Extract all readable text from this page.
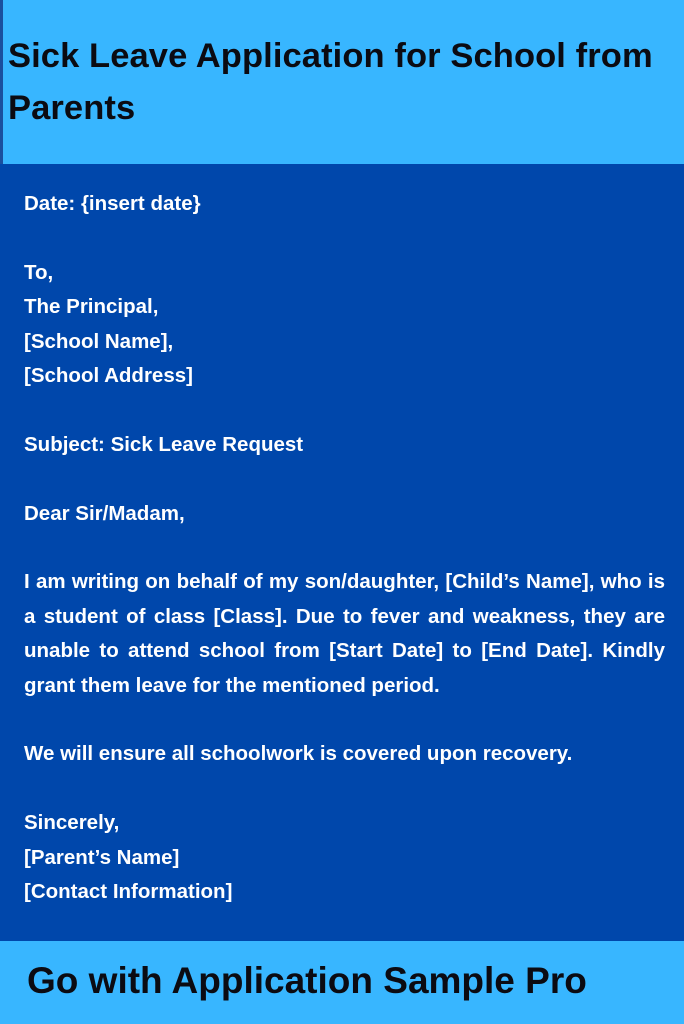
Sick Leave Application for School from Parents

Date: {insert date}

To,

The Principal,

[School Name],

[School Address]

Subject: Sick Leave Request

Dear Sir/Madam,

I am writing on behalf of my son/daughter, [Child’s Name], who is a student of class [Class]. Due to fever and weakness, they are unable to attend school from [Start Date] to [End Date]. Kindly grant them leave for the mentioned period.

We will ensure all schoolwork is covered upon recovery.

Sincerely,

[Parent’s Name]

[Contact Information]

Go with Application Sample Pro
